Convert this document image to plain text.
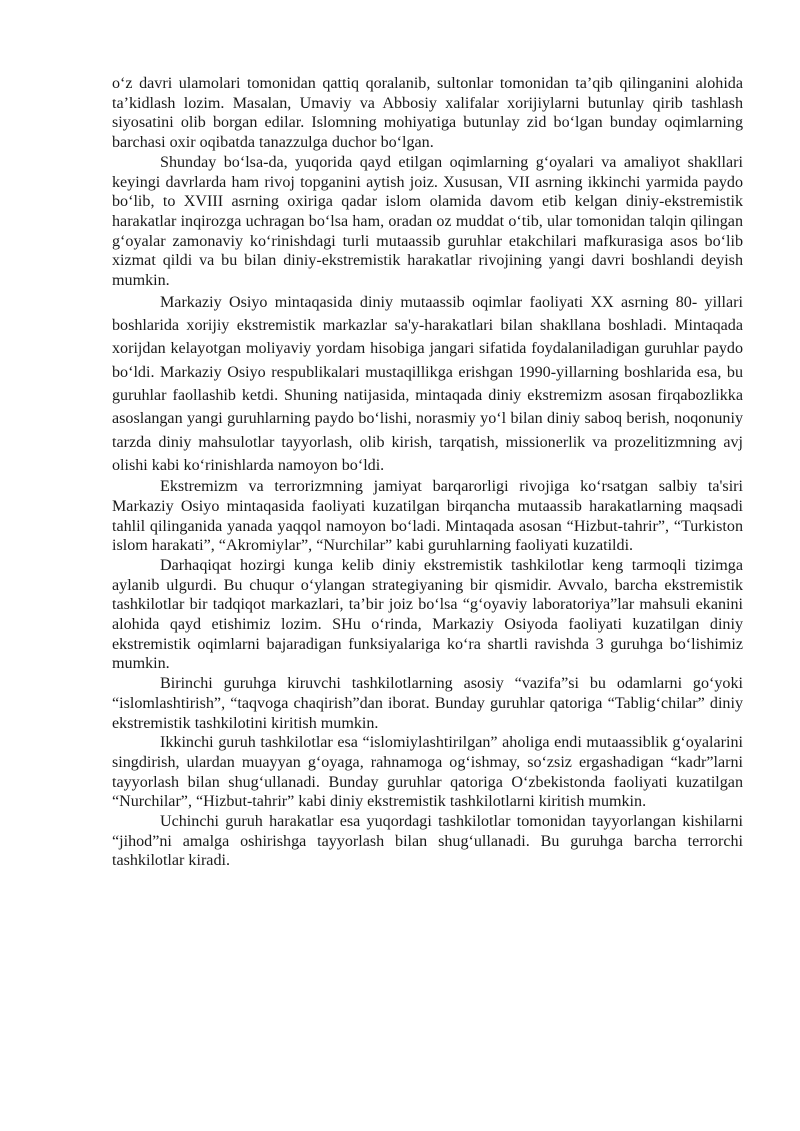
o‘z davri ulamolari tomonidan qattiq qoralanib, sultonlar tomonidan ta’qib qilinganini alohida ta’kidlash lozim. Masalan, Umaviy va Abbosiy xalifalar xorijiylarni butunlay qirib tashlash siyosatini olib borgan edilar. Islomning mohiyatiga butunlay zid bo‘lgan bunday oqimlarning barchasi oxir oqibatda tanazzulga duchor bo‘lgan.

Shunday bo‘lsa-da, yuqorida qayd etilgan oqimlarning g‘oyalari va amaliyot shakllari keyingi davrlarda ham rivoj topganini aytish joiz. Xususan, VII asrning ikkinchi yarmida paydo bo‘lib, to XVIII asrning oxiriga qadar islom olamida davom etib kelgan diniy-ekstremistik harakatlar inqirozga uchragan bo‘lsa ham, oradan oz muddat o‘tib, ular tomonidan talqin qilingan g‘oyalar zamonaviy ko‘rinishdagi turli mutaassib guruhlar etakchilari mafkurasiga asos bo‘lib xizmat qildi va bu bilan diniy-ekstremistik harakatlar rivojining yangi davri boshlandi deyish mumkin.

Markaziy Osiyo mintaqasida diniy mutaassib oqimlar faoliyati XX asrning 80- yillari boshlarida xorijiy ekstremistik markazlar sa'y-harakatlari bilan shakllana boshladi. Mintaqada xorijdan kelayotgan moliyaviy yordam hisobiga jangari sifatida foydalaniladigan guruhlar paydo bo‘ldi. Markaziy Osiyo respublikalari mustaqillikga erishgan 1990-yillarning boshlarida esa, bu guruhlar faollashib ketdi. Shuning natijasida, mintaqada diniy ekstremizm asosan firqabozlikka asoslangan yangi guruhlarning paydo bo‘lishi, norasmiy yo‘l bilan diniy saboq berish, noqonuniy tarzda diniy mahsulotlar tayyorlash, olib kirish, tarqatish, missionerlik va prozelitizmning avj olishi kabi ko‘rinishlarda namoyon bo‘ldi.

Ekstremizm va terrorizmning jamiyat barqarorligi rivojiga ko‘rsatgan salbiy ta'siri Markaziy Osiyo mintaqasida faoliyati kuzatilgan birqancha mutaassib harakatlarning maqsadi tahlil qilinganida yanada yaqqol namoyon bo‘ladi. Mintaqada asosan “Hizbut-tahrir”, “Turkiston islom harakati”, “Akromiylar”, “Nurchilar” kabi guruhlarning faoliyati kuzatildi.

Darhaqiqat hozirgi kunga kelib diniy ekstremistik tashkilotlar keng tarmoqli tizimga aylanib ulgurdi. Bu chuqur o‘ylangan strategiyaning bir qismidir. Avvalo, barcha ekstremistik tashkilotlar bir tadqiqot markazlari, ta’bir joiz bo‘lsa “g‘oyaviy laboratoriya”lar mahsuli ekanini alohida qayd etishimiz lozim. SHu o‘rinda, Markaziy Osiyoda faoliyati kuzatilgan diniy ekstremistik oqimlarni bajaradigan funksiyalariga ko‘ra shartli ravishda 3 guruhga bo‘lishimiz mumkin.

Birinchi guruhga kiruvchi tashkilotlarning asosiy “vazifa”si bu odamlarni go‘yoki “islomlashtirish”, “taqvoga chaqirish”dan iborat. Bunday guruhlar qatoriga “Tablig‘chilar” diniy ekstremistik tashkilotini kiritish mumkin.

Ikkinchi guruh tashkilotlar esa “islomiylashtirilgan” aholiga endi mutaassiblik g‘oyalarini singdirish, ulardan muayyan g‘oyaga, rahnamoga og‘ishmay, so‘zsiz ergashadigan “kadr”larni tayyorlash bilan shug‘ullanadi. Bunday guruhlar qatoriga O‘zbekistonda faoliyati kuzatilgan “Nurchilar”, “Hizbut-tahrir” kabi diniy ekstremistik tashkilotlarni kiritish mumkin.

Uchinchi guruh harakatlar esa yuqordagi tashkilotlar tomonidan tayyorlangan kishilarni “jihod”ni amalga oshirishga tayyorlash bilan shug‘ullanadi. Bu guruhga barcha terrorchi tashkilotlar kiradi.
